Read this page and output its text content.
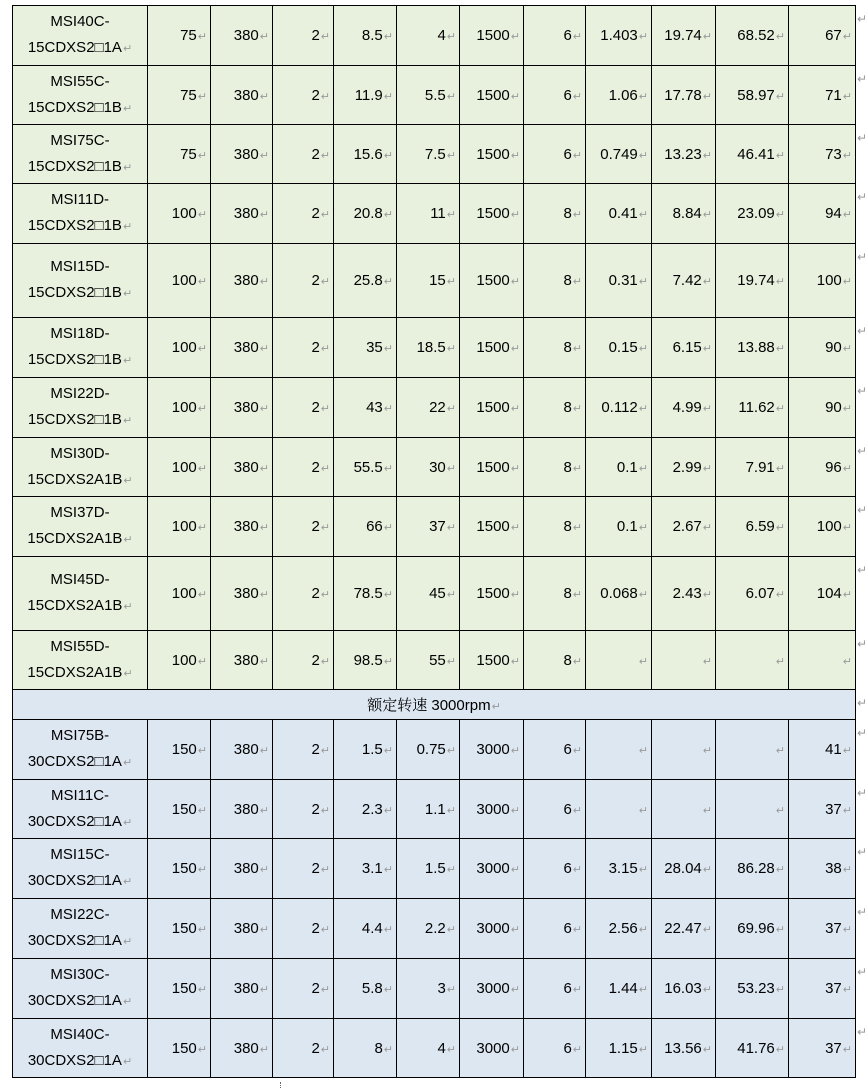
MSI40C-
15CDXS2□1A↵	75↵	380↵	2↵	8.5↵	4↵	1500↵	6↵	1.403↵	19.74↵	68.52↵	67↵

MSI55C-
15CDXS2□1B↵	75↵	380↵	2↵	11.9↵	5.5↵	1500↵	6↵	1.06↵	17.78↵	58.97↵	71↵

MSI75C-
15CDXS2□1B↵	75↵	380↵	2↵	15.6↵	7.5↵	1500↵	6↵	0.749↵	13.23↵	46.41↵	73↵

MSI11D-
15CDXS2□1B↵	100↵	380↵	2↵	20.8↵	11↵	1500↵	8↵	0.41↵	8.84↵	23.09↵	94↵

MSI15D-
15CDXS2□1B↵	100↵	380↵	2↵	25.8↵	15↵	1500↵	8↵	0.31↵	7.42↵	19.74↵	100↵

MSI18D-
15CDXS2□1B↵	100↵	380↵	2↵	35↵	18.5↵	1500↵	8↵	0.15↵	6.15↵	13.88↵	90↵

MSI22D-
15CDXS2□1B↵	100↵	380↵	2↵	43↵	22↵	1500↵	8↵	0.112↵	4.99↵	11.62↵	90↵

MSI30D-
15CDXS2A1B↵	100↵	380↵	2↵	55.5↵	30↵	1500↵	8↵	0.1↵	2.99↵	7.91↵	96↵

MSI37D-
15CDXS2A1B↵	100↵	380↵	2↵	66↵	37↵	1500↵	8↵	0.1↵	2.67↵	6.59↵	100↵

MSI45D-
15CDXS2A1B↵	100↵	380↵	2↵	78.5↵	45↵	1500↵	8↵	0.068↵	2.43↵	6.07↵	104↵

MSI55D-
15CDXS2A1B↵	100↵	380↵	2↵	98.5↵	55↵	1500↵	8↵	↵	↵	↵	↵
额定转速 3000rpm↵											

MSI75B-
30CDXS2□1A↵	150↵	380↵	2↵	1.5↵	0.75↵	3000↵	6↵	↵	↵	↵	41↵

MSI11C-
30CDXS2□1A↵	150↵	380↵	2↵	2.3↵	1.1↵	3000↵	6↵	↵	↵	↵	37↵

MSI15C-
30CDXS2□1A↵	150↵	380↵	2↵	3.1↵	1.5↵	3000↵	6↵	3.15↵	28.04↵	86.28↵	38↵

MSI22C-
30CDXS2□1A↵	150↵	380↵	2↵	4.4↵	2.2↵	3000↵	6↵	2.56↵	22.47↵	69.96↵	37↵

MSI30C-
30CDXS2□1A↵	150↵	380↵	2↵	5.8↵	3↵	3000↵	6↵	1.44↵	16.03↵	53.23↵	37↵

MSI40C-
30CDXS2□1A↵	150↵	380↵	2↵	8↵	4↵	3000↵	6↵	1.15↵	13.56↵	41.76↵	37↵
↵
↵
↵
↵
↵
↵
↵
↵
↵
↵
↵
↵
↵
↵
↵
↵
↵
↵
